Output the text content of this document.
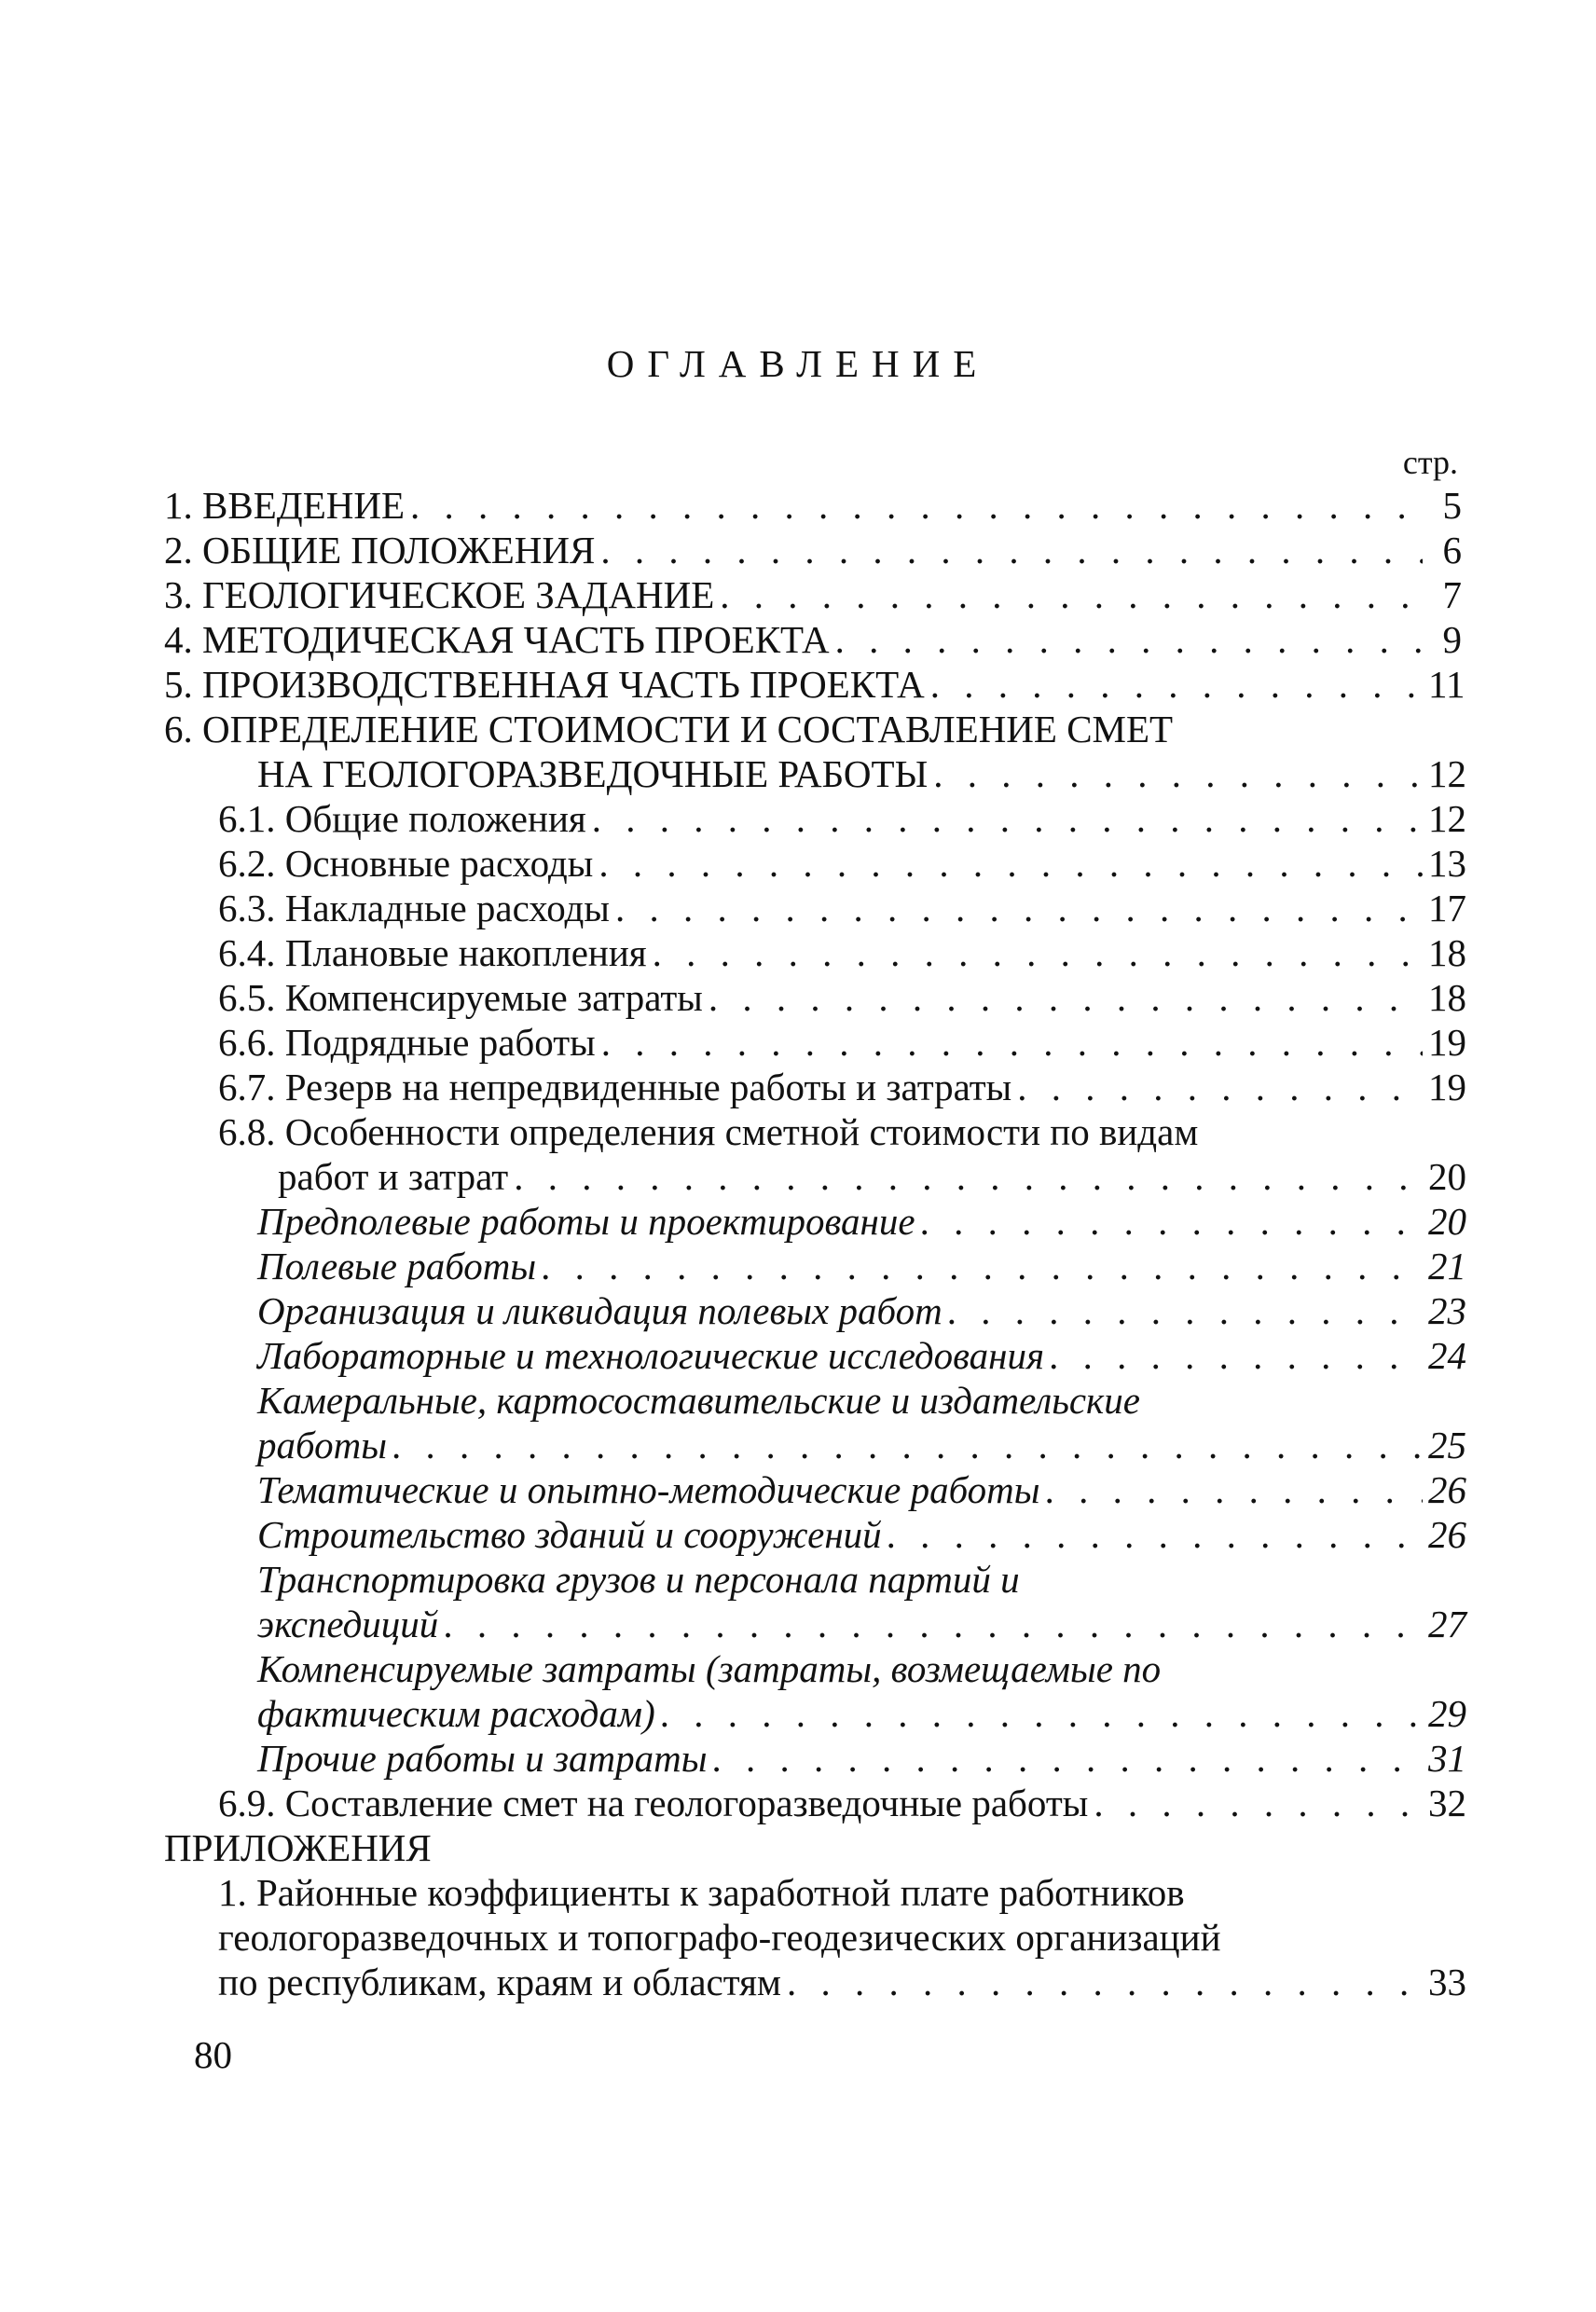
ОГЛАВЛЕНИЕ
стр.
1. ВВЕДЕНИЕ . . .	5
2. ОБЩИЕ ПОЛОЖЕНИЯ . . .	6
3. ГЕОЛОГИЧЕСКОЕ ЗАДАНИЕ . . .	7
4. МЕТОДИЧЕСКАЯ ЧАСТЬ ПРОЕКТА . . .	9
5. ПРОИЗВОДСТВЕННАЯ ЧАСТЬ ПРОЕКТА . . .	11
6. ОПРЕДЕЛЕНИЕ СТОИМОСТИ И СОСТАВЛЕНИЕ СМЕТ
НА ГЕОЛОГОРАЗВЕДОЧНЫЕ РАБОТЫ . . .	12
6.1. Общие положения . . .	12
6.2. Основные расходы . . .	13
6.3. Накладные расходы . . .	17
6.4. Плановые накопления . . .	18
6.5. Компенсируемые затраты . . .	18
6.6. Подрядные работы . . .	19
6.7. Резерв на непредвиденные работы и затраты . . .	19
6.8. Особенности определения сметной стоимости по видам
работ и затрат . . .	20
Предполевые работы и проектирование . . .	20
Полевые работы . . .	21
Организация и ликвидация полевых работ . . .	23
Лабораторные и технологические исследования . . .	24
Камеральные, картосоставительские и издательские
работы . . .	25
Тематические и опытно-методические работы . . .	26
Строительство зданий и сооружений . . .	26
Транспортировка грузов и персонала партий и
экспедиций . . .	27
Компенсируемые затраты (затраты, возмещаемые по
фактическим расходам) . . .	29
Прочие работы и затраты . . .	31
6.9. Составление смет на геологоразведочные работы . . .	32
ПРИЛОЖЕНИЯ
1. Районные коэффициенты к заработной плате работников
геологоразведочных и топографо-геодезических организаций
по республикам, краям и областям . . .	33
80
